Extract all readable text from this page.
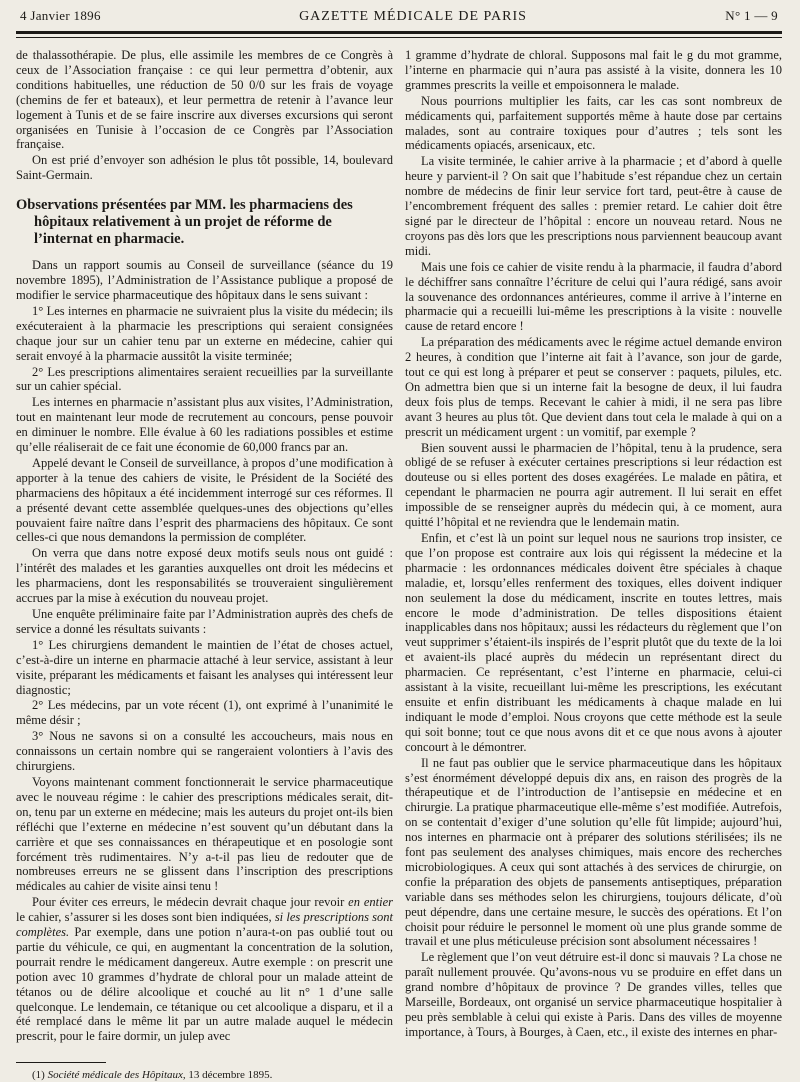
4 Janvier 1896	GAZETTE MÉDICALE DE PARIS	N° 1 — 9

de thalassothérapie. De plus, elle assimile les membres de ce Congrès à ceux de l’Association française : ce qui leur permettra d’obtenir, aux conditions habituelles, une réduction de 50 0/0 sur les frais de voyage (chemins de fer et bateaux), et leur permettra de retenir à l’avance leur logement à Tunis et de se faire inscrire aux diverses excursions qui seront organisées en Tunisie à l’occasion de ce Congrès par l’Association française.

On est prié d’envoyer son adhésion le plus tôt possible, 14, boulevard Saint-Germain.

Observations présentées par MM. les pharmaciens des
hôpitaux relativement à un projet de réforme de l’internat en pharmacie.

Dans un rapport soumis au Conseil de surveillance (séance du 19 novembre 1895), l’Administration de l’Assistance publique a proposé de modifier le service pharmaceutique des hôpitaux dans le sens suivant :

1° Les internes en pharmacie ne suivraient plus la visite du médecin; ils exécuteraient à la pharmacie les prescriptions qui seraient consignées chaque jour sur un cahier tenu par un externe en médecine, cahier qui serait envoyé à la pharmacie aussitôt la visite terminée;

2° Les prescriptions alimentaires seraient recueillies par la surveillante sur un cahier spécial.

Les internes en pharmacie n’assistant plus aux visites, l’Administration, tout en maintenant leur mode de recrutement au concours, pense pouvoir en diminuer le nombre. Elle évalue à 60 les radiations possibles et estime qu’elle réaliserait de ce fait une économie de 60,000 francs par an.

Appelé devant le Conseil de surveillance, à propos d’une modification à apporter à la tenue des cahiers de visite, le Président de la Société des pharmaciens des hôpitaux a été incidemment interrogé sur ces réformes. Il a présenté devant cette assemblée quelques-unes des objections qu’elles pouvaient faire naître dans l’esprit des pharmaciens des hôpitaux. Ce sont celles-ci que nous demandons la permission de compléter.

On verra que dans notre exposé deux motifs seuls nous ont guidé : l’intérêt des malades et les garanties auxquelles ont droit les médecins et les pharmaciens, dont les responsabilités se trouveraient singulièrement accrues par la mise à exécution du nouveau projet.

Une enquête préliminaire faite par l’Administration auprès des chefs de service a donné les résultats suivants :

1° Les chirurgiens demandent le maintien de l’état de choses actuel, c’est-à-dire un interne en pharmacie attaché à leur service, assistant à leur visite, préparant les médicaments et faisant les analyses qui intéressent leur diagnostic;

2° Les médecins, par un vote récent (1), ont exprimé à l’unanimité le même désir ;

3° Nous ne savons si on a consulté les accoucheurs, mais nous en connaissons un certain nombre qui se rangeraient volontiers à l’avis des chirurgiens.

Voyons maintenant comment fonctionnerait le service pharmaceutique avec le nouveau régime : le cahier des prescriptions médicales serait, dit-on, tenu par un externe en médecine; mais les auteurs du projet ont-ils bien réfléchi que l’externe en médecine n’est souvent qu’un débutant dans la carrière et que ses connaissances en thérapeutique et en posologie sont forcément très rudimentaires. N’y a-t-il pas lieu de redouter que de nombreuses erreurs ne se glissent dans l’inscription des prescriptions médicales au cahier de visite ainsi tenu !

Pour éviter ces erreurs, le médecin devrait chaque jour revoir en entier le cahier, s’assurer si les doses sont bien indiquées, si les prescriptions sont complètes. Par exemple, dans une potion n’aura-t-on pas oublié tout ou partie du véhicule, ce qui, en augmentant la concentration de la solution, pourrait rendre le médicament dangereux. Autre exemple : on prescrit une potion avec 10 grammes d’hydrate de chloral pour un malade atteint de tétanos ou de délire alcoolique et couché au lit n° 1 d’une salle quelconque. Le lendemain, ce tétanique ou cet alcoolique a disparu, et il a été remplacé dans le même lit par un autre malade auquel le médecin prescrit, pour le faire dormir, un julep avec

(1) Société médicale des Hôpitaux, 13 décembre 1895.

1 gramme d’hydrate de chloral. Supposons mal fait le g du mot gramme, l’interne en pharmacie qui n’aura pas assisté à la visite, donnera les 10 grammes prescrits la veille et empoisonnera le malade.

Nous pourrions multiplier les faits, car les cas sont nombreux de médicaments qui, parfaitement supportés même à haute dose par certains malades, sont au contraire toxiques pour d’autres ; tels sont les médicaments opiacés, arsenicaux, etc.

La visite terminée, le cahier arrive à la pharmacie ; et d’abord à quelle heure y parvient-il ? On sait que l’habitude s’est répandue chez un certain nombre de médecins de finir leur service fort tard, peut-être à cause de l’encombrement fréquent des salles : premier retard. Le cahier doit être signé par le directeur de l’hôpital : encore un nouveau retard. Nous ne croyons pas dès lors que les prescriptions nous parviennent beaucoup avant midi.

Mais une fois ce cahier de visite rendu à la pharmacie, il faudra d’abord le déchiffrer sans connaître l’écriture de celui qui l’aura rédigé, sans avoir la souvenance des ordonnances antérieures, comme il arrive à l’interne en pharmacie qui a recueilli lui-même les prescriptions à la visite : nouvelle cause de retard encore !

La préparation des médicaments avec le régime actuel demande environ 2 heures, à condition que l’interne ait fait à l’avance, son jour de garde, tout ce qui est long à préparer et peut se conserver : paquets, pilules, etc. On admettra bien que si un interne fait la besogne de deux, il lui faudra deux fois plus de temps. Recevant le cahier à midi, il ne sera pas libre avant 3 heures au plus tôt. Que devient dans tout cela le malade à qui on a prescrit un médicament urgent : un vomitif, par exemple ?

Bien souvent aussi le pharmacien de l’hôpital, tenu à la prudence, sera obligé de se refuser à exécuter certaines prescriptions si leur rédaction est douteuse ou si elles portent des doses exagérées. Le malade en pâtira, et cependant le pharmacien ne pourra agir autrement. Il lui serait en effet impossible de se renseigner auprès du médecin qui, à ce moment, aura quitté l’hôpital et ne reviendra que le lendemain matin.

Enfin, et c’est là un point sur lequel nous ne saurions trop insister, ce que l’on propose est contraire aux lois qui régissent la médecine et la pharmacie : les ordonnances médicales doivent être spéciales à chaque maladie, et, lorsqu’elles renferment des toxiques, elles doivent indiquer non seulement la dose du médicament, inscrite en toutes lettres, mais encore le mode d’administration. De telles dispositions étaient inapplicables dans nos hôpitaux; aussi les rédacteurs du règlement que l’on veut supprimer s’étaient-ils inspirés de l’esprit plutôt que du texte de la loi et avaient-ils placé auprès du médecin un représentant direct du pharmacien. Ce représentant, c’est l’interne en pharmacie, celui-ci assistant à la visite, recueillant lui-même les prescriptions, les exécutant ensuite et enfin distribuant les médicaments à chaque malade en lui indiquant le mode d’emploi. Nous croyons que cette méthode est la seule qui soit bonne; tout ce que nous avons dit et ce que nous avons à ajouter concourt à le démontrer.

Il ne faut pas oublier que le service pharmaceutique dans les hôpitaux s’est énormément développé depuis dix ans, en raison des progrès de la thérapeutique et de l’introduction de l’antisepsie en médecine et en chirurgie. La pratique pharmaceutique elle-même s’est modifiée. Autrefois, on se contentait d’exiger d’une solution qu’elle fût limpide; aujourd’hui, nos internes en pharmacie ont à préparer des solutions stérilisées; ils ne font pas seulement des analyses chimiques, mais encore des recherches microbiologiques. A ceux qui sont attachés à des services de chirurgie, on confie la préparation des objets de pansements antiseptiques, préparation variable dans ses méthodes selon les chirurgiens, toujours délicate, d’où peut dépendre, dans une certaine mesure, le succès des opérations. Et l’on choisit pour réduire le personnel le moment où une plus grande somme de travail et une plus méticuleuse précision sont absolument nécessaires !

Le règlement que l’on veut détruire est-il donc si mauvais ? La chose ne paraît nullement prouvée. Qu’avons-nous vu se produire en effet dans un grand nombre d’hôpitaux de province ? De grandes villes, telles que Marseille, Bordeaux, ont organisé un service pharmaceutique hospitalier à peu près semblable à celui qui existe à Paris. Dans des villes de moyenne importance, à Tours, à Bourges, à Caen, etc., il existe des internes en phar-
